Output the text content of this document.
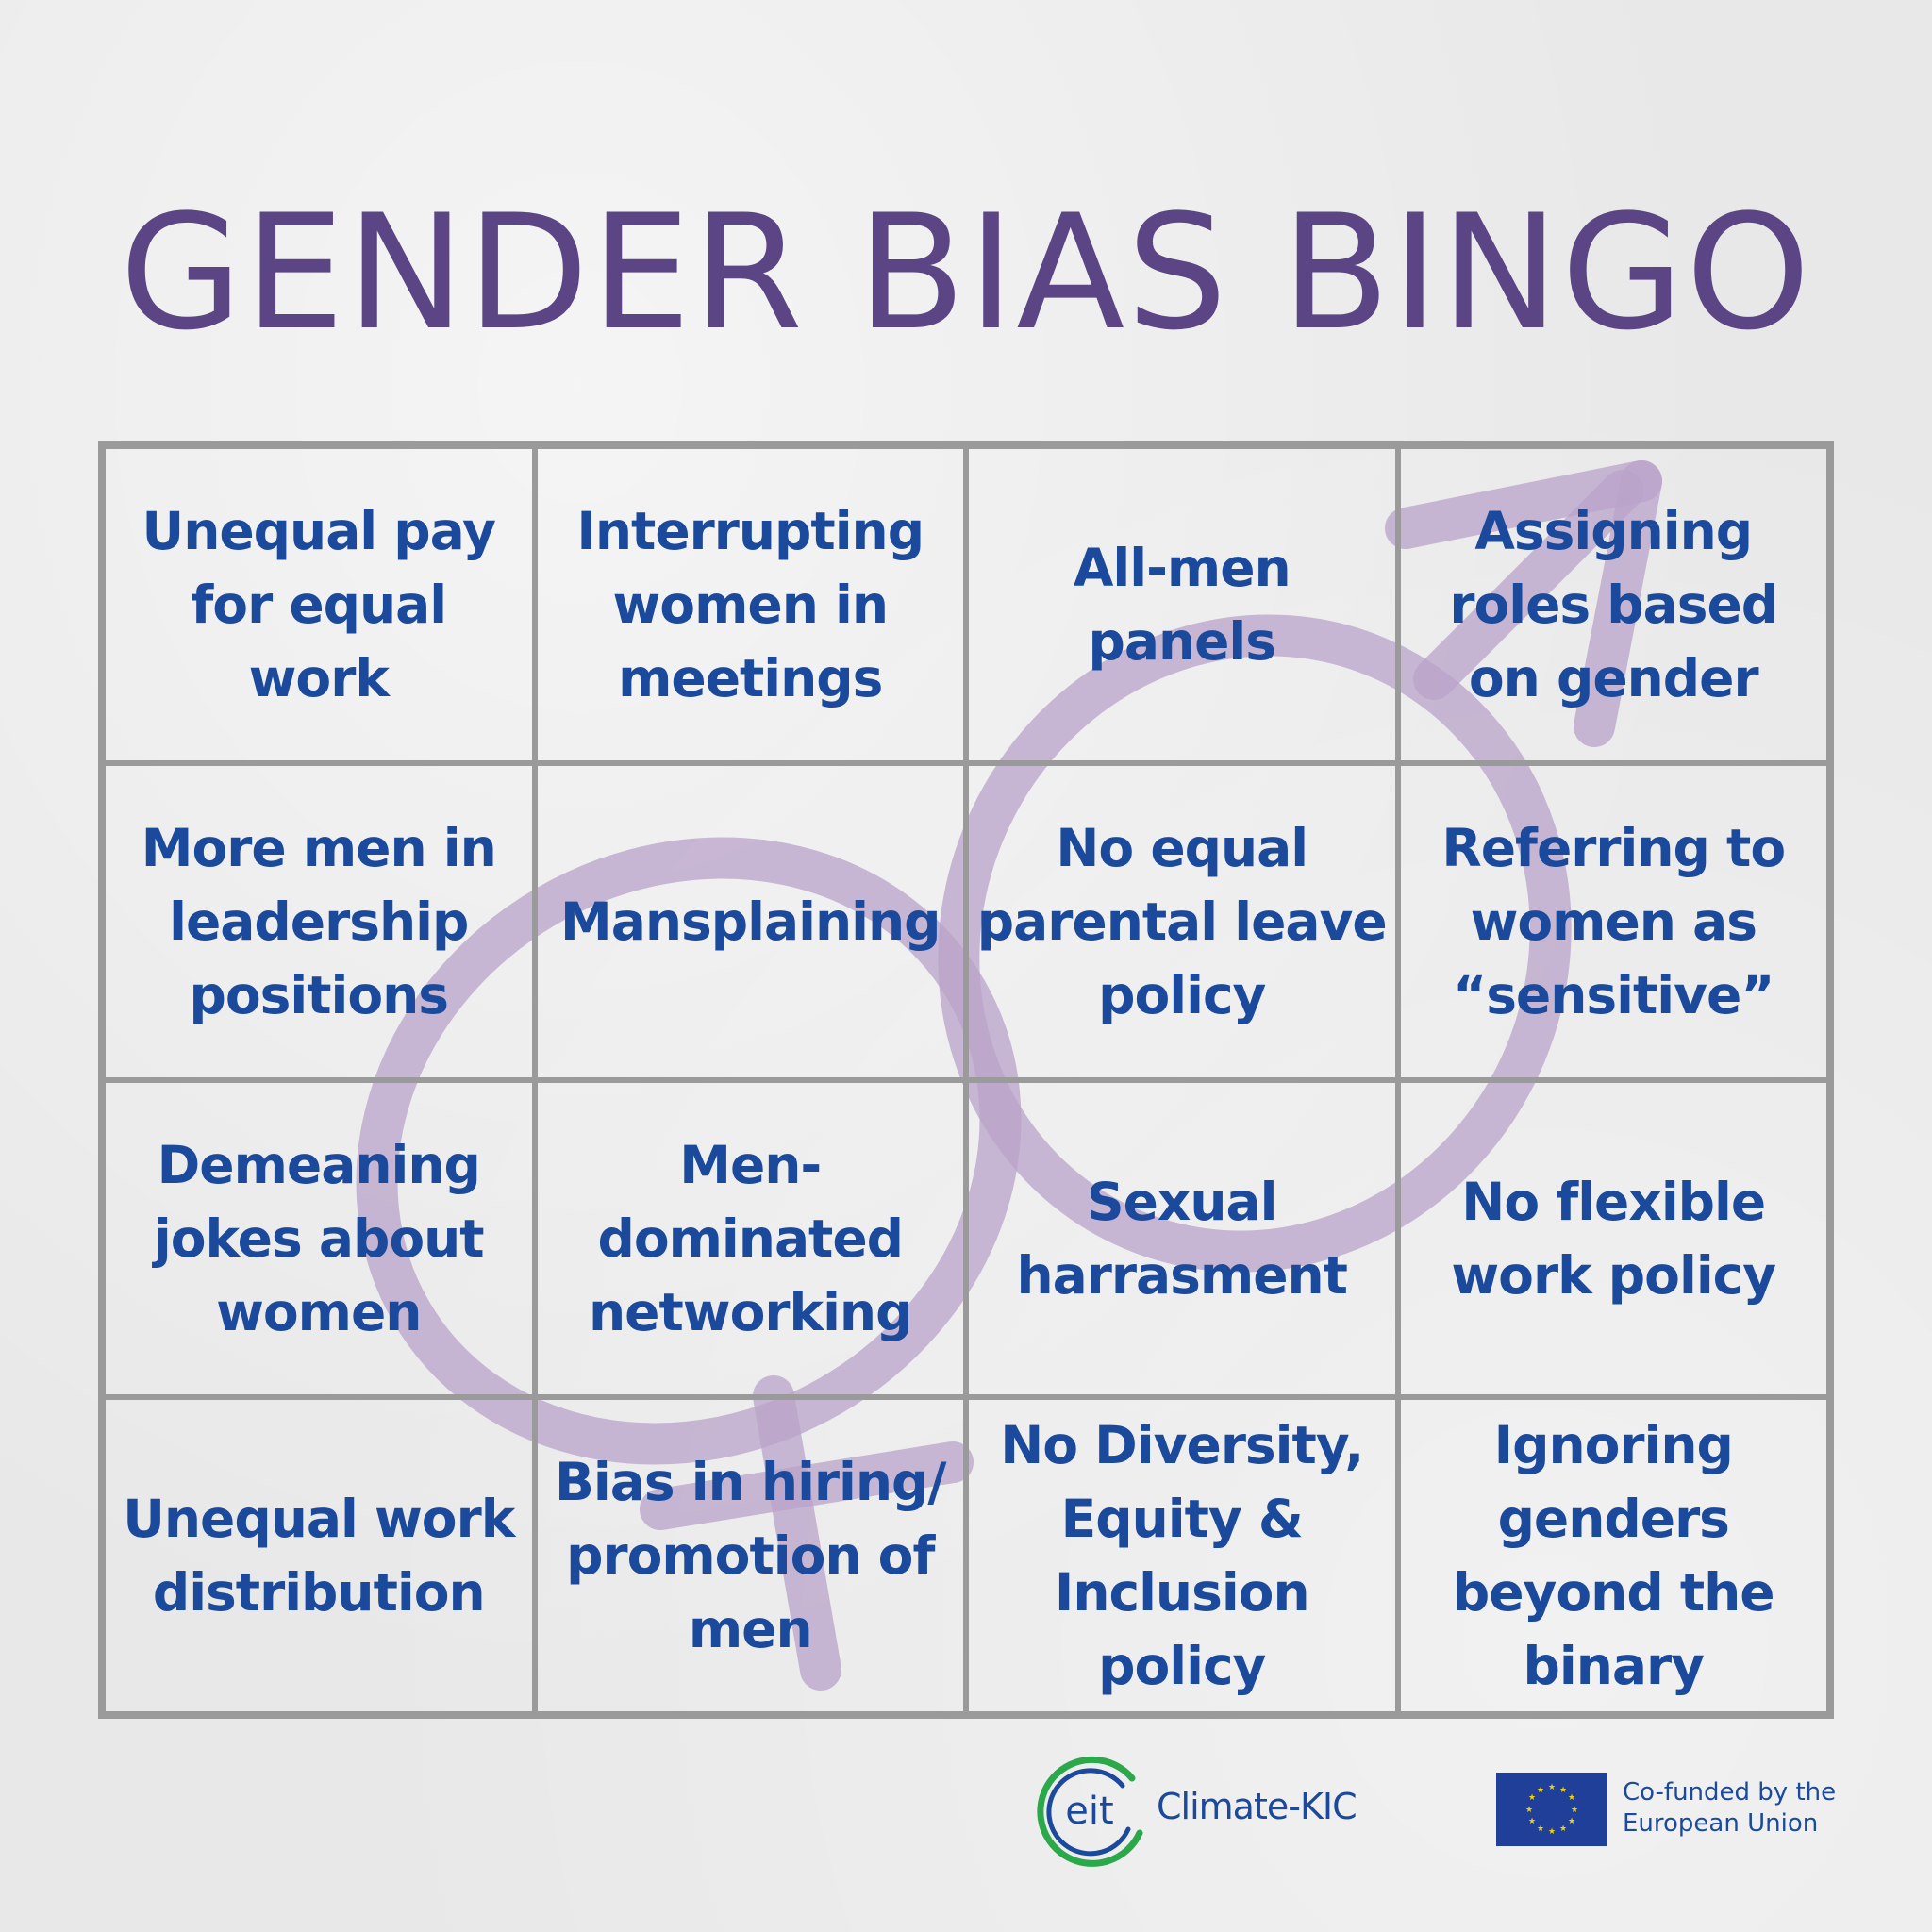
GENDER BIAS BINGO
Unequal pay for equal work
Interrupting women in meetings
All-men panels
Assigning roles based on gender
More men in leadership positions
Mansplaining
No equal parental leave policy
Referring to women as “sensitive”
Demeaning jokes about women
Men-dominated networking
Sexual harrasment
No flexible work policy
Unequal work distribution
Bias in hiring/ promotion of men
No Diversity, Equity & Inclusion policy
Ignoring genders beyond the binary
eit Climate-KIC	★ ★
★
★
★
★
★
★
★
★
★
★	Co-funded by the
European Union
